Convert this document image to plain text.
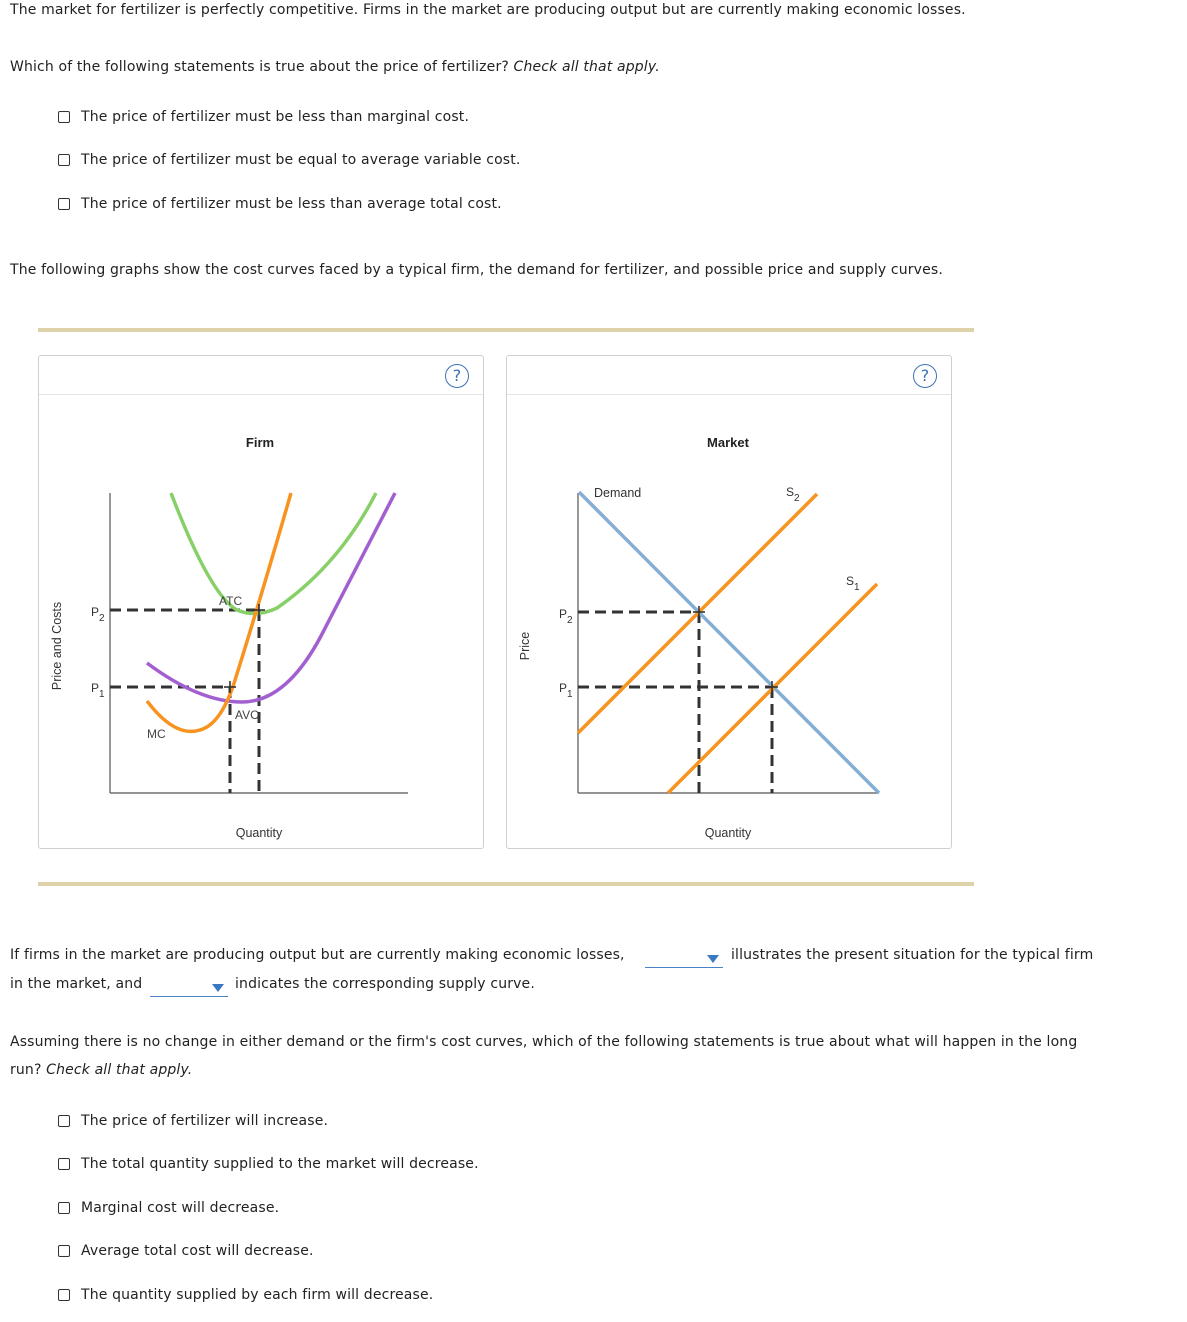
The market for fertilizer is perfectly competitive. Firms in the market are producing output but are currently making economic losses.
Which of the following statements is true about the price of fertilizer? Check all that apply.
The price of fertilizer must be less than marginal cost.
The price of fertilizer must be equal to average variable cost.
The price of fertilizer must be less than average total cost.
The following graphs show the cost curves faced by a typical firm, the demand for fertilizer, and possible price and supply curves.
?
Firm
Price and Costs
Quantity
$P_2$
$P_1$
ATC
AVC
MC
?
Market
Price
Quantity
Demand	$S_2$
$S_1$
$P_2$
$P_1$
If firms in the market are producing output but are currently making economic losses,	illustrates the present situation for the typical firm
in the market, and	indicates the corresponding supply curve.
Assuming there is no change in either demand or the firm's cost curves, which of the following statements is true about what will happen in the long
run? Check all that apply.
The price of fertilizer will increase.
The total quantity supplied to the market will decrease.
Marginal cost will decrease.
Average total cost will decrease.
The quantity supplied by each firm will decrease.
